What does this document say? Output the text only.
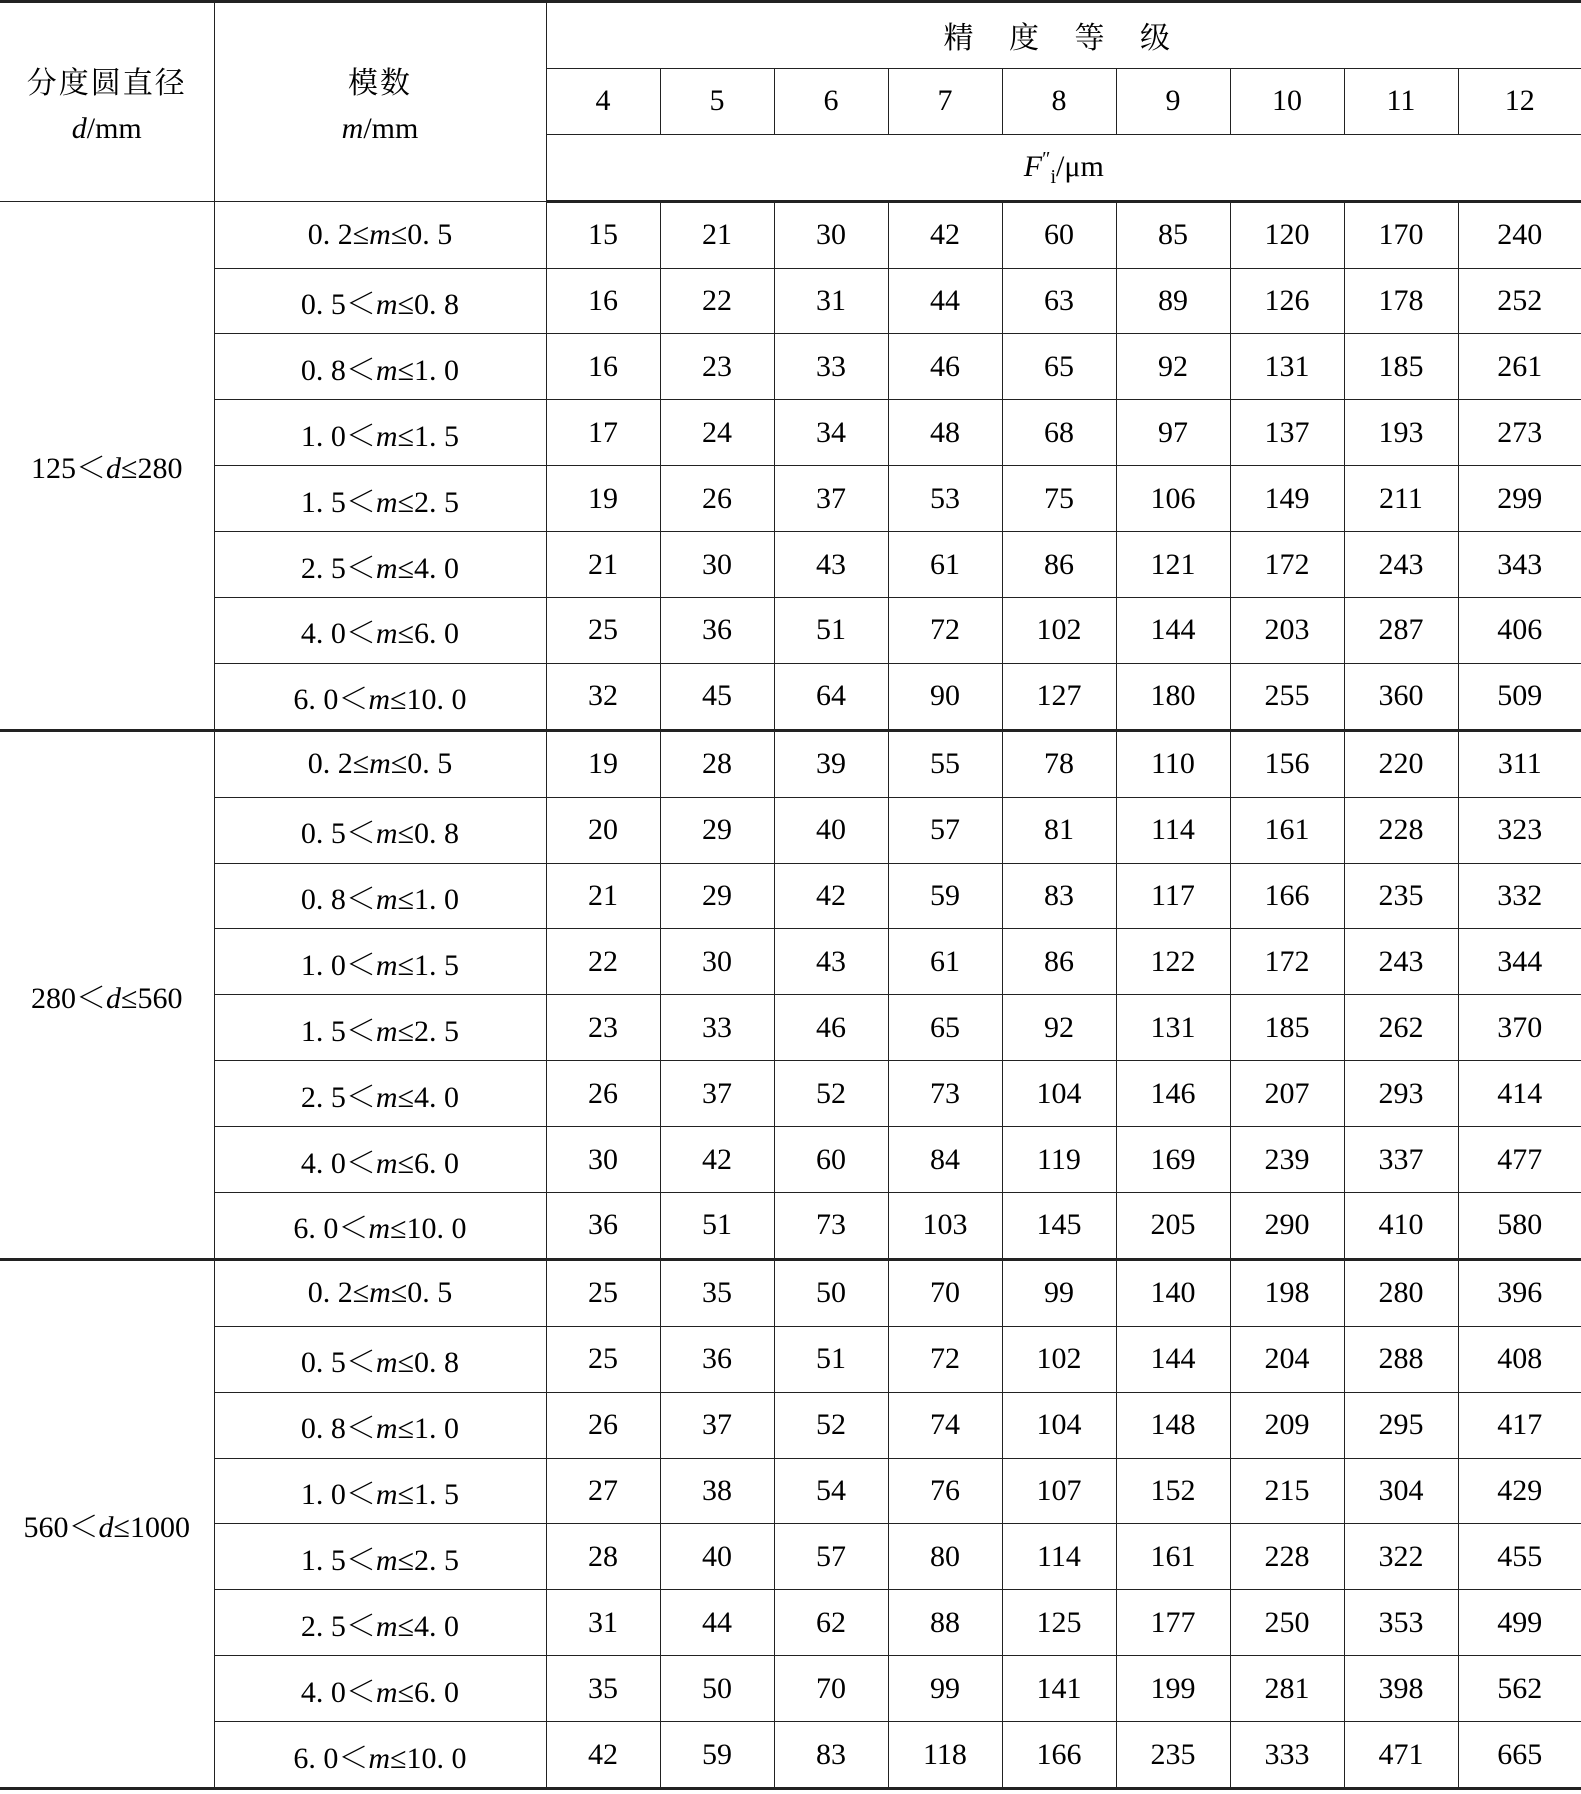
分度圆直径
d/mm	模数
m/mm	精 度 等 级								
		4	5	6	7	8	9	10	11	12
		$F''_i/\mu m$								
125＜d≤280	0. 2≤m≤0. 5	15	21	30	42	60	85	120	170	240
	0. 5＜m≤0. 8	16	22	31	44	63	89	126	178	252
	0. 8＜m≤1. 0	16	23	33	46	65	92	131	185	261
	1. 0＜m≤1. 5	17	24	34	48	68	97	137	193	273
	1. 5＜m≤2. 5	19	26	37	53	75	106	149	211	299
	2. 5＜m≤4. 0	21	30	43	61	86	121	172	243	343
	4. 0＜m≤6. 0	25	36	51	72	102	144	203	287	406
	6. 0＜m≤10. 0	32	45	64	90	127	180	255	360	509
280＜d≤560	0. 2≤m≤0. 5	19	28	39	55	78	110	156	220	311
	0. 5＜m≤0. 8	20	29	40	57	81	114	161	228	323
	0. 8＜m≤1. 0	21	29	42	59	83	117	166	235	332
	1. 0＜m≤1. 5	22	30	43	61	86	122	172	243	344
	1. 5＜m≤2. 5	23	33	46	65	92	131	185	262	370
	2. 5＜m≤4. 0	26	37	52	73	104	146	207	293	414
	4. 0＜m≤6. 0	30	42	60	84	119	169	239	337	477
	6. 0＜m≤10. 0	36	51	73	103	145	205	290	410	580
560＜d≤1000	0. 2≤m≤0. 5	25	35	50	70	99	140	198	280	396
	0. 5＜m≤0. 8	25	36	51	72	102	144	204	288	408
	0. 8＜m≤1. 0	26	37	52	74	104	148	209	295	417
	1. 0＜m≤1. 5	27	38	54	76	107	152	215	304	429
	1. 5＜m≤2. 5	28	40	57	80	114	161	228	322	455
	2. 5＜m≤4. 0	31	44	62	88	125	177	250	353	499
	4. 0＜m≤6. 0	35	50	70	99	141	199	281	398	562
	6. 0＜m≤10. 0	42	59	83	118	166	235	333	471	665
